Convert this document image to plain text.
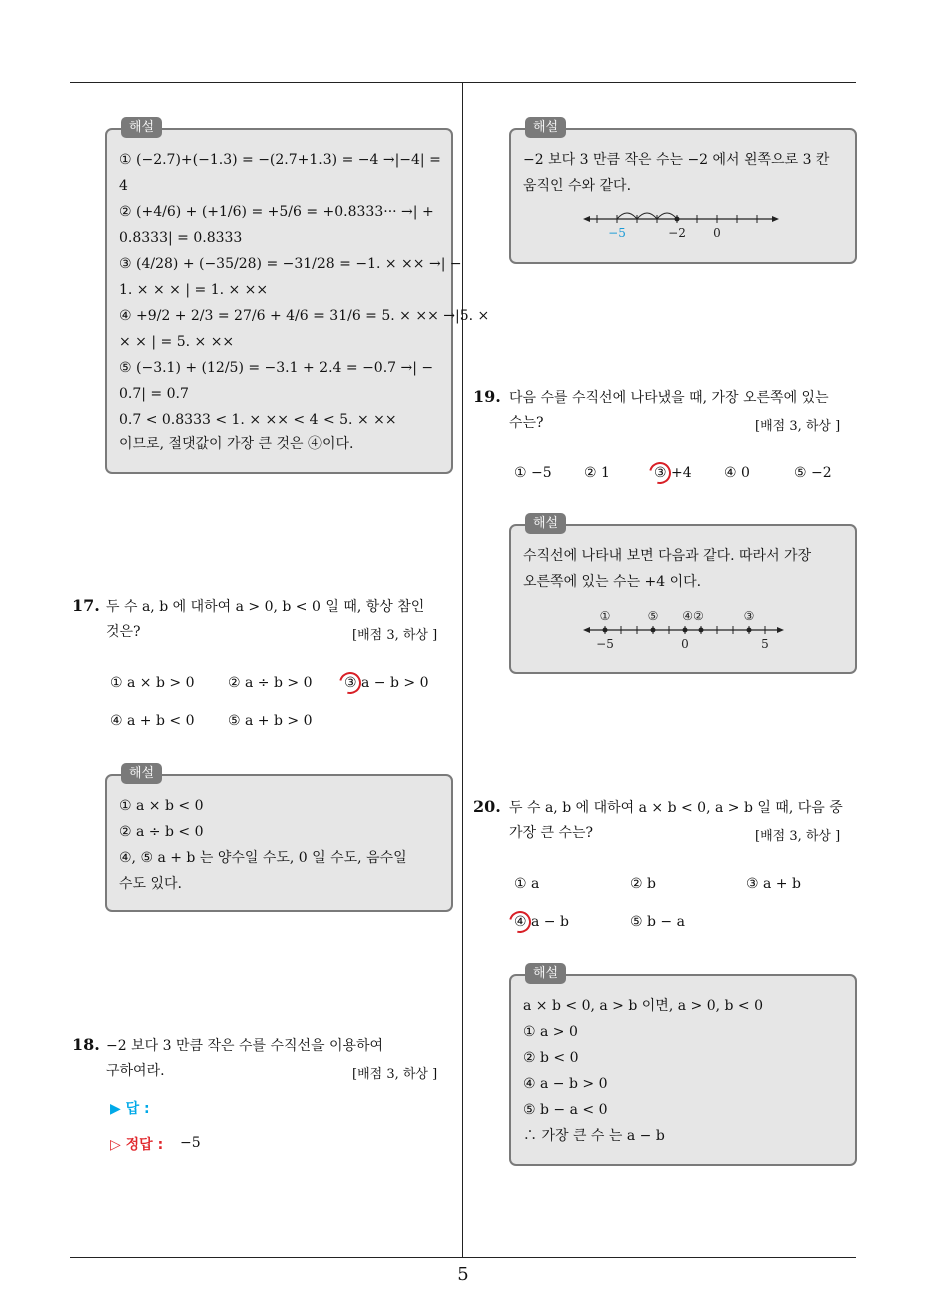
5
해설
① (−2.7)+(−1.3) = −(2.7+1.3) = −4 →|−4| =
4
② (+4/6) + (+1/6) = +5/6 = +0.8333··· →| +
0.8333| = 0.8333
③ (4/28) + (−35/28) = −31/28 = −1. × ×× →| −
1. × × × | = 1. × ××
④ +9/2 + 2/3 = 27/6 + 4/6 = 31/6 = 5. × ×× →|5. ×
× × | = 5. × ××
⑤ (−3.1) + (12/5) = −3.1 + 2.4 = −0.7 →| −
0.7| = 0.7
0.7 < 0.8333 < 1. × ×× < 4 < 5. × ××
이므로, 절댓값이 가장 큰 것은 ④이다.
17. 두 수 a, b 에 대하여 a > 0, b < 0 일 때, 항상 참인
것은?	[배점 3, 하상 ]
① a × b > 0 ② a ÷ b > 0 ③ a − b > 0
④ a + b < 0 ⑤ a + b > 0
해설
① a × b < 0
② a ÷ b < 0
④, ⑤ a + b 는 양수일 수도, 0 일 수도, 음수일
수도 있다.
18. −2 보다 3 만큼 작은 수를 수직선을 이용하여
구하여라.	[배점 3, 하상 ]
▶ 답 :
▷ 정답 : −5
해설
−2 보다 3 만큼 작은 수는 −2 에서 왼쪽으로 3 칸
움직인 수와 같다.
−5	−2 0
19. 다음 수를 수직선에 나타냈을 때, 가장 오른쪽에 있는
수는?	[배점 3, 하상 ]
① −5 ② 1	③ +4 ④ 0	⑤ −2
해설
수직선에 나타내 보면 다음과 같다. 따라서 가장
오른쪽에 있는 수는 +4 이다.
①	⑤ ④②	③
−5	0	5
20. 두 수 a, b 에 대하여 a × b < 0, a > b 일 때, 다음 중
가장 큰 수는?	[배점 3, 하상 ]
① a	② b	③ a + b
④ a − b	⑤ b − a
해설
a × b < 0, a > b 이면, a > 0, b < 0
① a > 0
② b < 0
④ a − b > 0
⑤ b − a < 0
∴ 가장 큰 수 는 a − b
